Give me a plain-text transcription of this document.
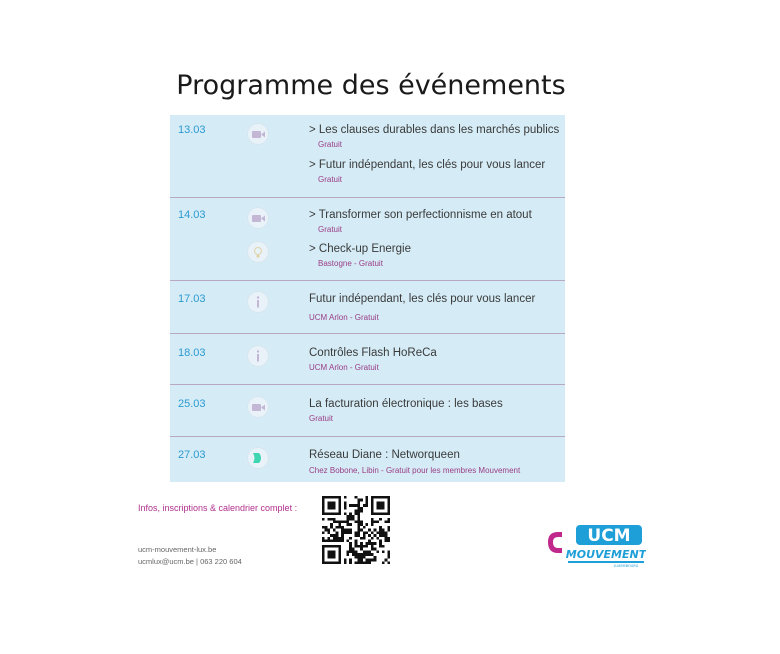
Programme des événements
13.03	> Les clauses durables dans les marchés publics
Gratuit
> Futur indépendant, les clés pour vous lancer
Gratuit
14.03	> Transformer son perfectionnisme en atout
Gratuit
> Check-up Energie
Bastogne - Gratuit
17.03	Futur indépendant, les clés pour vous lancer
UCM Arlon - Gratuit
18.03	Contrôles Flash HoReCa
UCM Arlon - Gratuit
25.03	La facturation électronique : les bases
Gratuit
27.03	Réseau Diane : Networqueen
Chez Bobone, Libin - Gratuit pour les membres Mouvement
Infos, inscriptions & calendrier complet :
ucm-mouvement-lux.be
ucmlux@ucm.be | 063 220 604
UCM
MOUVEMENT
LUXEMBOURG
